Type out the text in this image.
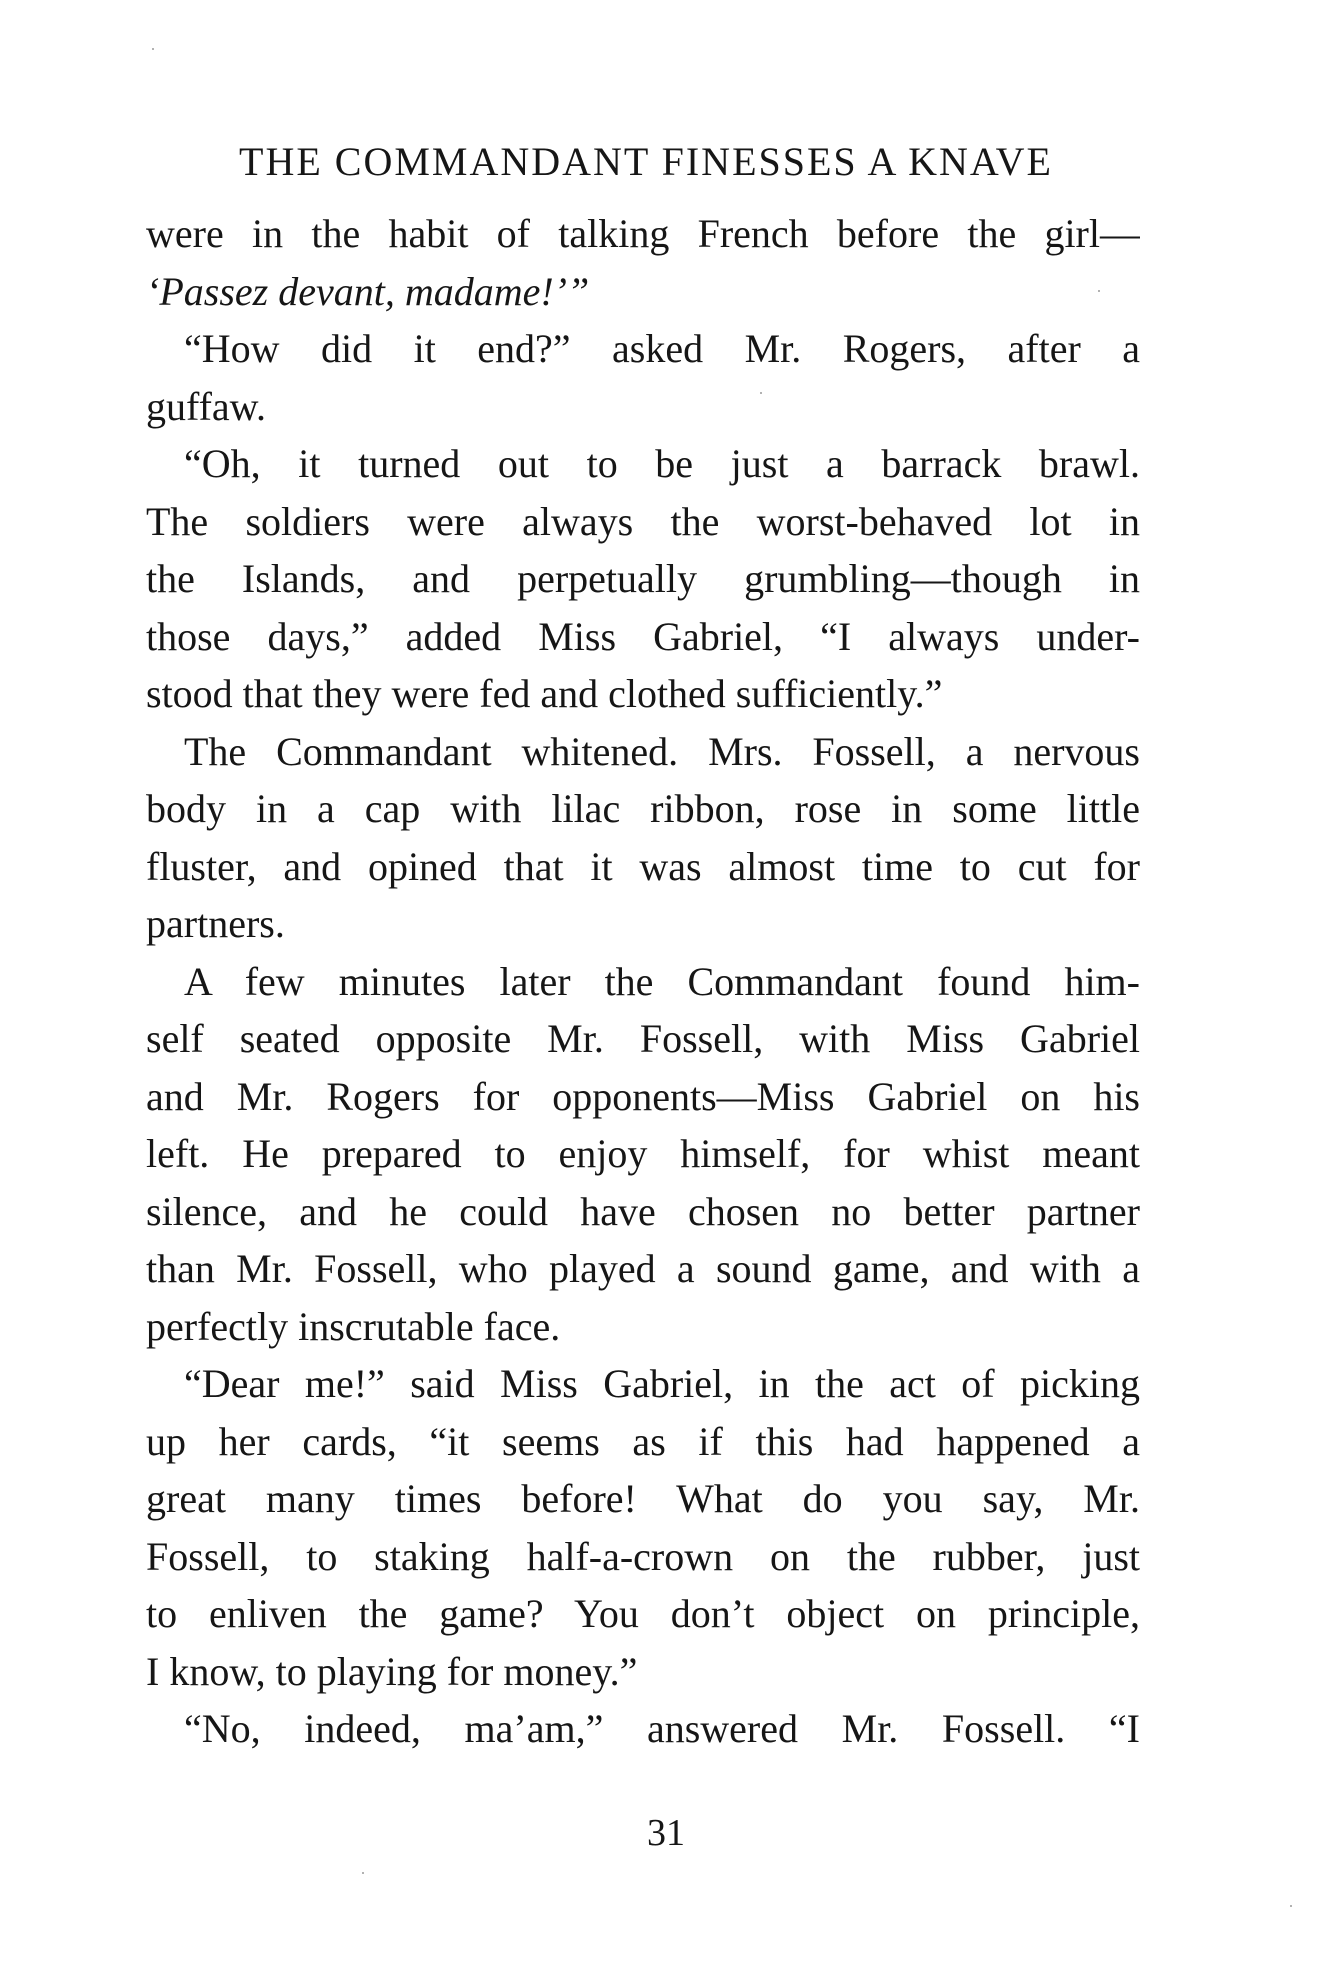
THE COMMANDANT FINESSES A KNAVE
were in the habit of talking French before the girl—
‘Passez devant, madame!’”
“How did it end?” asked Mr. Rogers, after a
guffaw.
“Oh, it turned out to be just a barrack brawl.
The soldiers were always the worst-behaved lot in
the Islands, and perpetually grumbling—though in
those days,” added Miss Gabriel, “I always under-
stood that they were fed and clothed sufficiently.”
The Commandant whitened. Mrs. Fossell, a nervous
body in a cap with lilac ribbon, rose in some little
fluster, and opined that it was almost time to cut for
partners.
A few minutes later the Commandant found him-
self seated opposite Mr. Fossell, with Miss Gabriel
and Mr. Rogers for opponents—Miss Gabriel on his
left. He prepared to enjoy himself, for whist meant
silence, and he could have chosen no better partner
than Mr. Fossell, who played a sound game, and with a
perfectly inscrutable face.
“Dear me!” said Miss Gabriel, in the act of picking
up her cards, “it seems as if this had happened a
great many times before! What do you say, Mr.
Fossell, to staking half-a-crown on the rubber, just
to enliven the game? You don’t object on principle,
I know, to playing for money.”
“No, indeed, ma’am,” answered Mr. Fossell. “I
31
